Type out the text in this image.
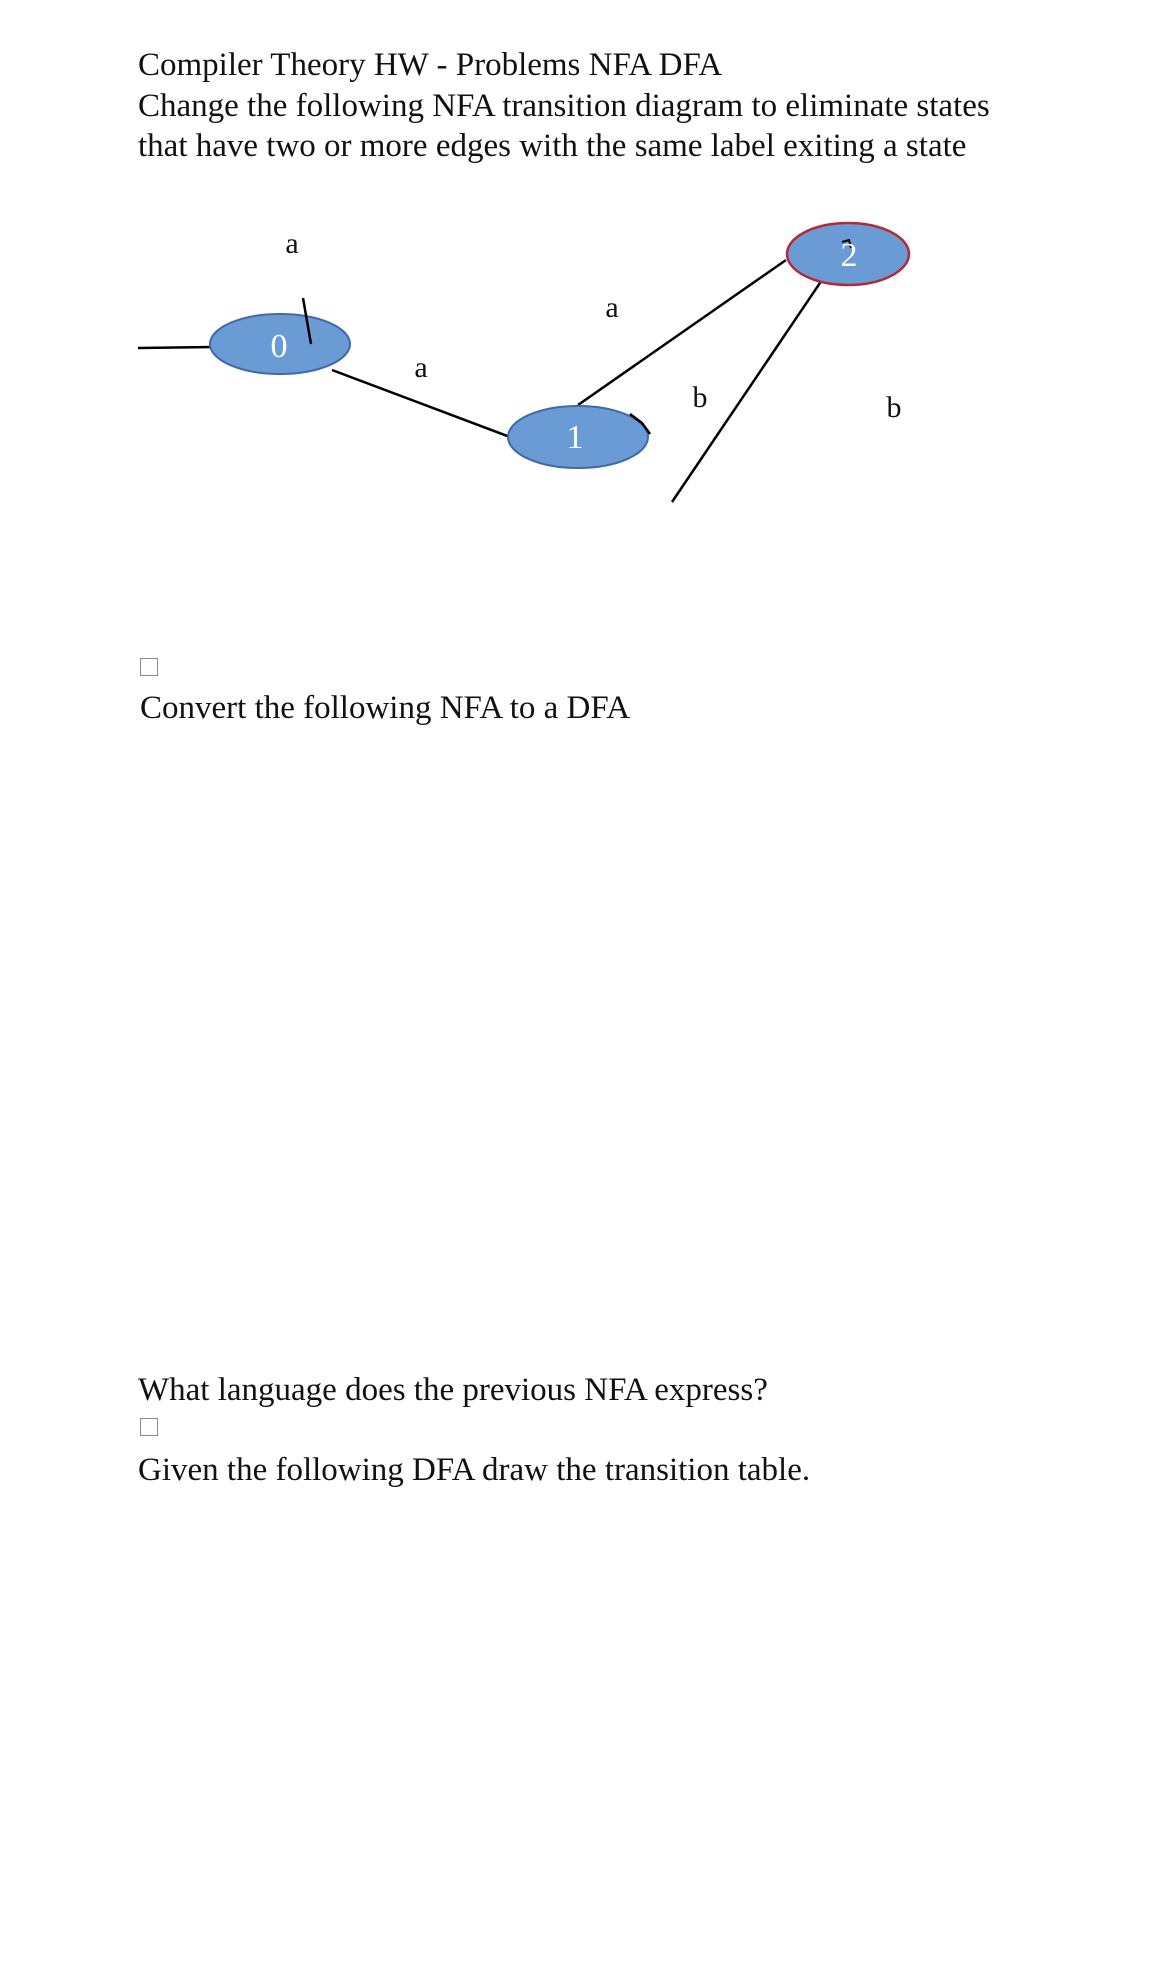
Compiler Theory HW - Problems NFA DFA
Change the following NFA transition diagram to eliminate states
that have two or more edges with the same label exiting a state
0
1
2
a
a
a
b	b
Convert the following NFA to a DFA
What language does the previous NFA express?
Given the following DFA draw the transition table.
